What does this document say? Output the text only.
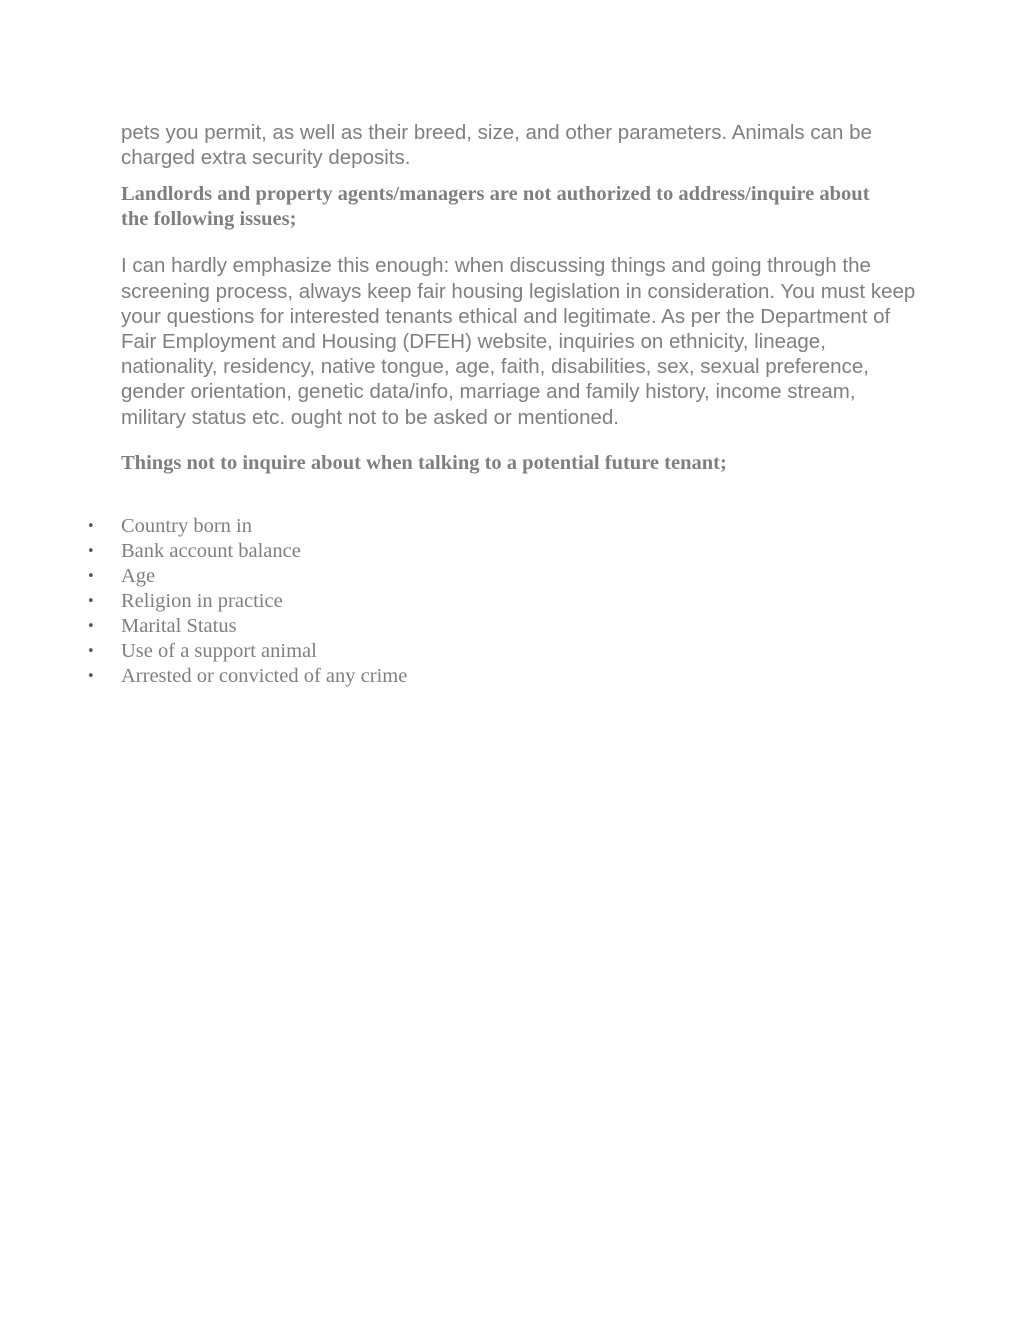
pets you permit, as well as their breed, size, and other parameters. Animals can be charged extra security deposits.

Landlords and property agents/managers are not authorized to address/inquire about the following issues;

I can hardly emphasize this enough: when discussing things and going through the screening process, always keep fair housing legislation in consideration. You must keep your questions for interested tenants ethical and legitimate. As per the Department of Fair Employment and Housing (DFEH) website, inquiries on ethnicity, lineage, nationality, residency, native tongue, age, faith, disabilities, sex, sexual preference, gender orientation, genetic data/info, marriage and family history, income stream, military status etc. ought not to be asked or mentioned.

Things not to inquire about when talking to a potential future tenant;

• Country born in
• Bank account balance
• Age
• Religion in practice
• Marital Status
• Use of a support animal
• Arrested or convicted of any crime
